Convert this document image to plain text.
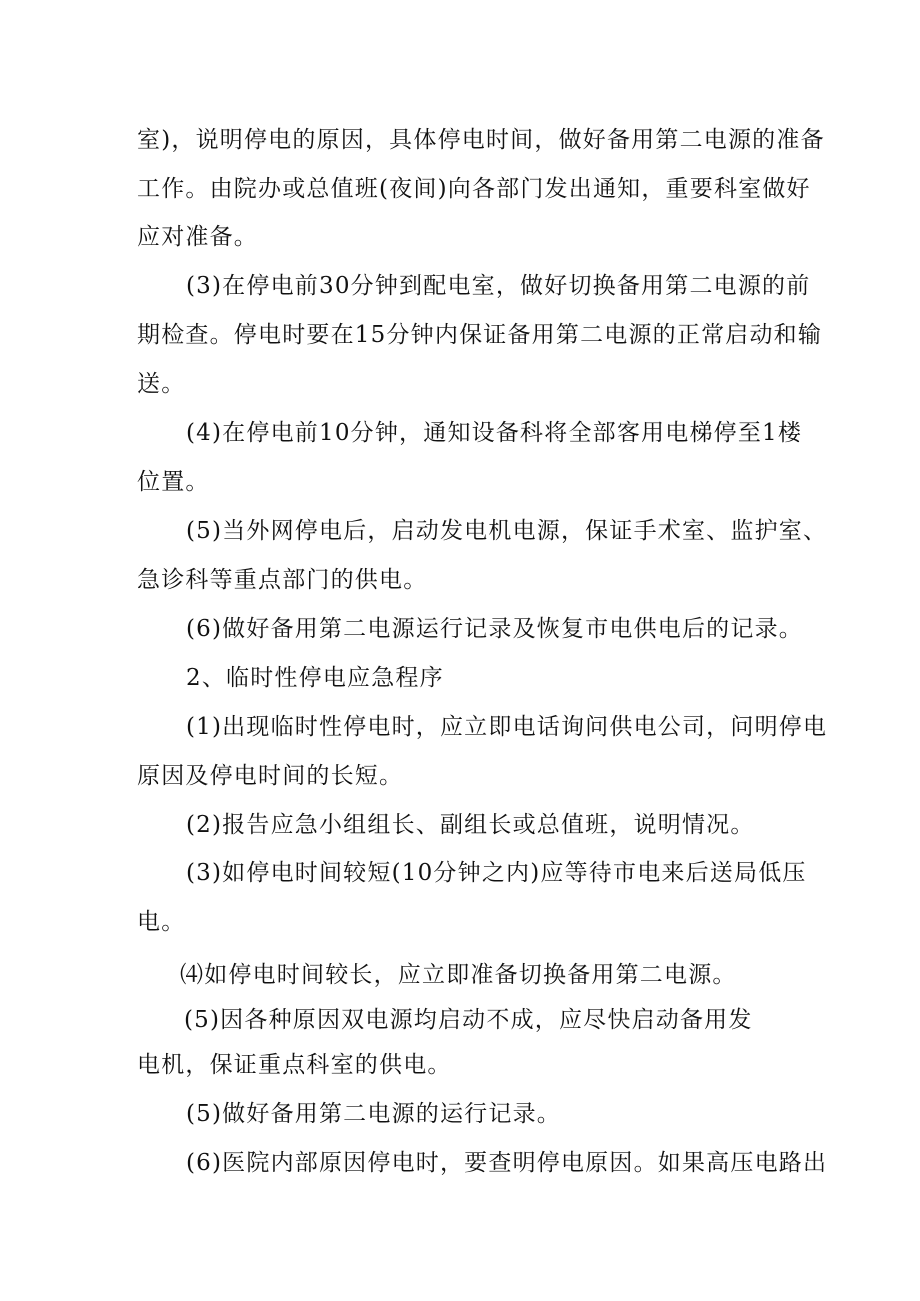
室)，说明停电的原因，具体停电时间，做好备用第二电源的准备
工作。由院办或总值班(夜间)向各部门发出通知，重要科室做好
应对准备。
(3)在停电前30分钟到配电室，做好切换备用第二电源的前
期检查。停电时要在15分钟内保证备用第二电源的正常启动和输
送。
(4)在停电前10分钟，通知设备科将全部客用电梯停至1楼
位置。
(5)当外网停电后，启动发电机电源，保证手术室、监护室、
急诊科等重点部门的供电。
(6)做好备用第二电源运行记录及恢复市电供电后的记录。
2、临时性停电应急程序
(1)出现临时性停电时，应立即电话询问供电公司，问明停电
原因及停电时间的长短。
(2)报告应急小组组长、副组长或总值班，说明情况。
(3)如停电时间较短(10分钟之内)应等待市电来后送局低压
电。
⑷如停电时间较长，应立即准备切换备用第二电源。
(5)因各种原因双电源均启动不成，应尽快启动备用发
电机，保证重点科室的供电。
(5)做好备用第二电源的运行记录。
(6)医院内部原因停电时，要查明停电原因。如果高压电路出
